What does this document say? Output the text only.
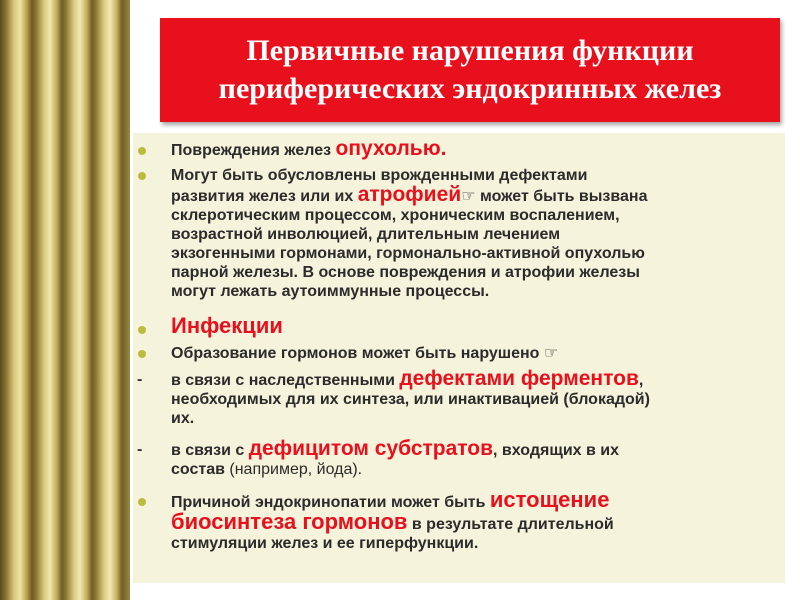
Первичные нарушения функции
периферических эндокринных желез
Повреждения желез опухолью.
Могут быть обусловлены врожденными дефектами
развития желез или их атрофией☞ может быть вызвана
склеротическим процессом, хроническим воспалением,
возрастной инволюцией, длительным лечением
экзогенными гормонами, гормонально-активной опухолью
парной железы. В основе повреждения и атрофии железы
могут лежать аутоиммунные процессы.
Инфекции
Образование гормонов может быть нарушено ☞
- в связи с наследственными дефектами ферментов,
необходимых для их синтеза, или инактивацией (блокадой)
их.
- в связи с дефицитом субстратов, входящих в их
состав (например, йода).
Причиной эндокринопатии может быть истощение
биосинтеза гормонов в результате длительной
стимуляции желез и ее гиперфункции.
